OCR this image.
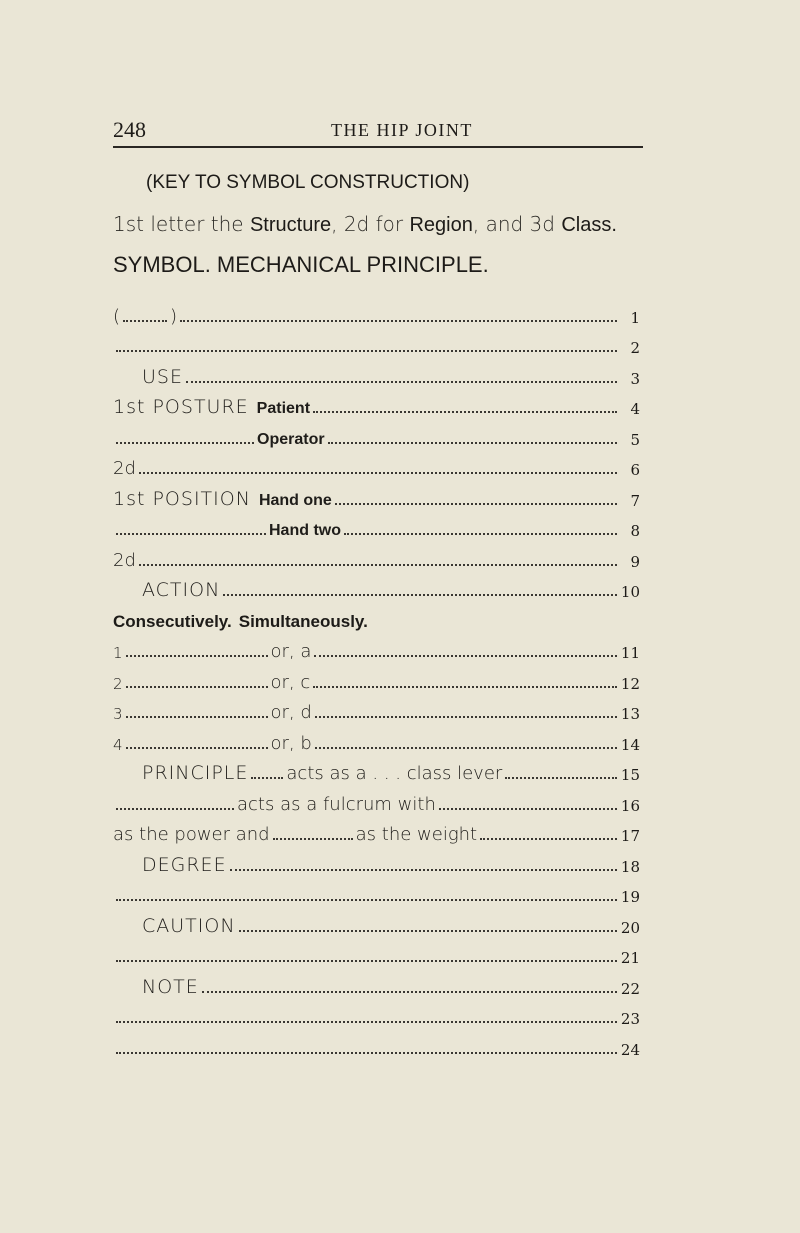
248	THE HIP JOINT
(KEY TO SYMBOL CONSTRUCTION)
1st letter the Structure, 2d for Region, and 3d Class.
SYMBOL. MECHANICAL PRINCIPLE.
(	)	1
2
USE	3
1st POSTURE Patient	4
Operator	5
2d	6
1st POSITION Hand one	7
Hand two	8
2d	9
ACTION	10
Consecutively. Simultaneously.
1	or, a	11
2	or, c	12
3	or, d	13
4	or, b	14
PRINCIPLE acts as a . . . class lever	15
acts as a fulcrum with	16
as the power and	as the weight	17
DEGREE	18
19
CAUTION	20
21
NOTE	22
23
24
